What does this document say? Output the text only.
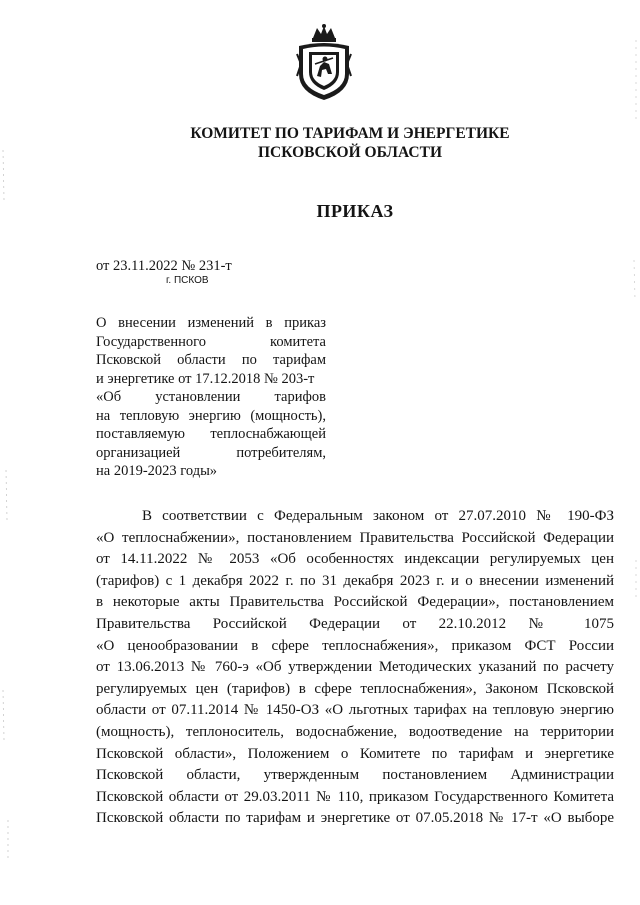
КОМИТЕТ ПО ТАРИФАМ И ЭНЕРГЕТИКЕ
ПСКОВСКОЙ ОБЛАСТИ
ПРИКАЗ
от 23.11.2022 № 231-т
г. ПСКОВ
О внесении изменений в приказ
Государственного комитета
Псковской области по тарифам
и энергетике от 17.12.2018 № 203-т
«Об установлении тарифов
на тепловую энергию (мощность),
поставляемую теплоснабжающей
организацией потребителям,
на 2019-2023 годы»
В соответствии с Федеральным законом от 27.07.2010 № 190-ФЗ
«О теплоснабжении», постановлением Правительства Российской Федерации
от 14.11.2022 № 2053 «Об особенностях индексации регулируемых цен
(тарифов) с 1 декабря 2022 г. по 31 декабря 2023 г. и о внесении изменений
в некоторые акты Правительства Российской Федерации», постановлением
Правительства Российской Федерации от 22.10.2012 № 1075
«О ценообразовании в сфере теплоснабжения», приказом ФСТ России
от 13.06.2013 № 760-э «Об утверждении Методических указаний по расчету
регулируемых цен (тарифов) в сфере теплоснабжения», Законом Псковской
области от 07.11.2014 № 1450-ОЗ «О льготных тарифах на тепловую энергию
(мощность), теплоноситель, водоснабжение, водоотведение на территории
Псковской области», Положением о Комитете по тарифам и энергетике
Псковской области, утвержденным постановлением Администрации
Псковской области от 29.03.2011 № 110, приказом Государственного Комитета
Псковской области по тарифам и энергетике от 07.05.2018 № 17-т «О выборе
